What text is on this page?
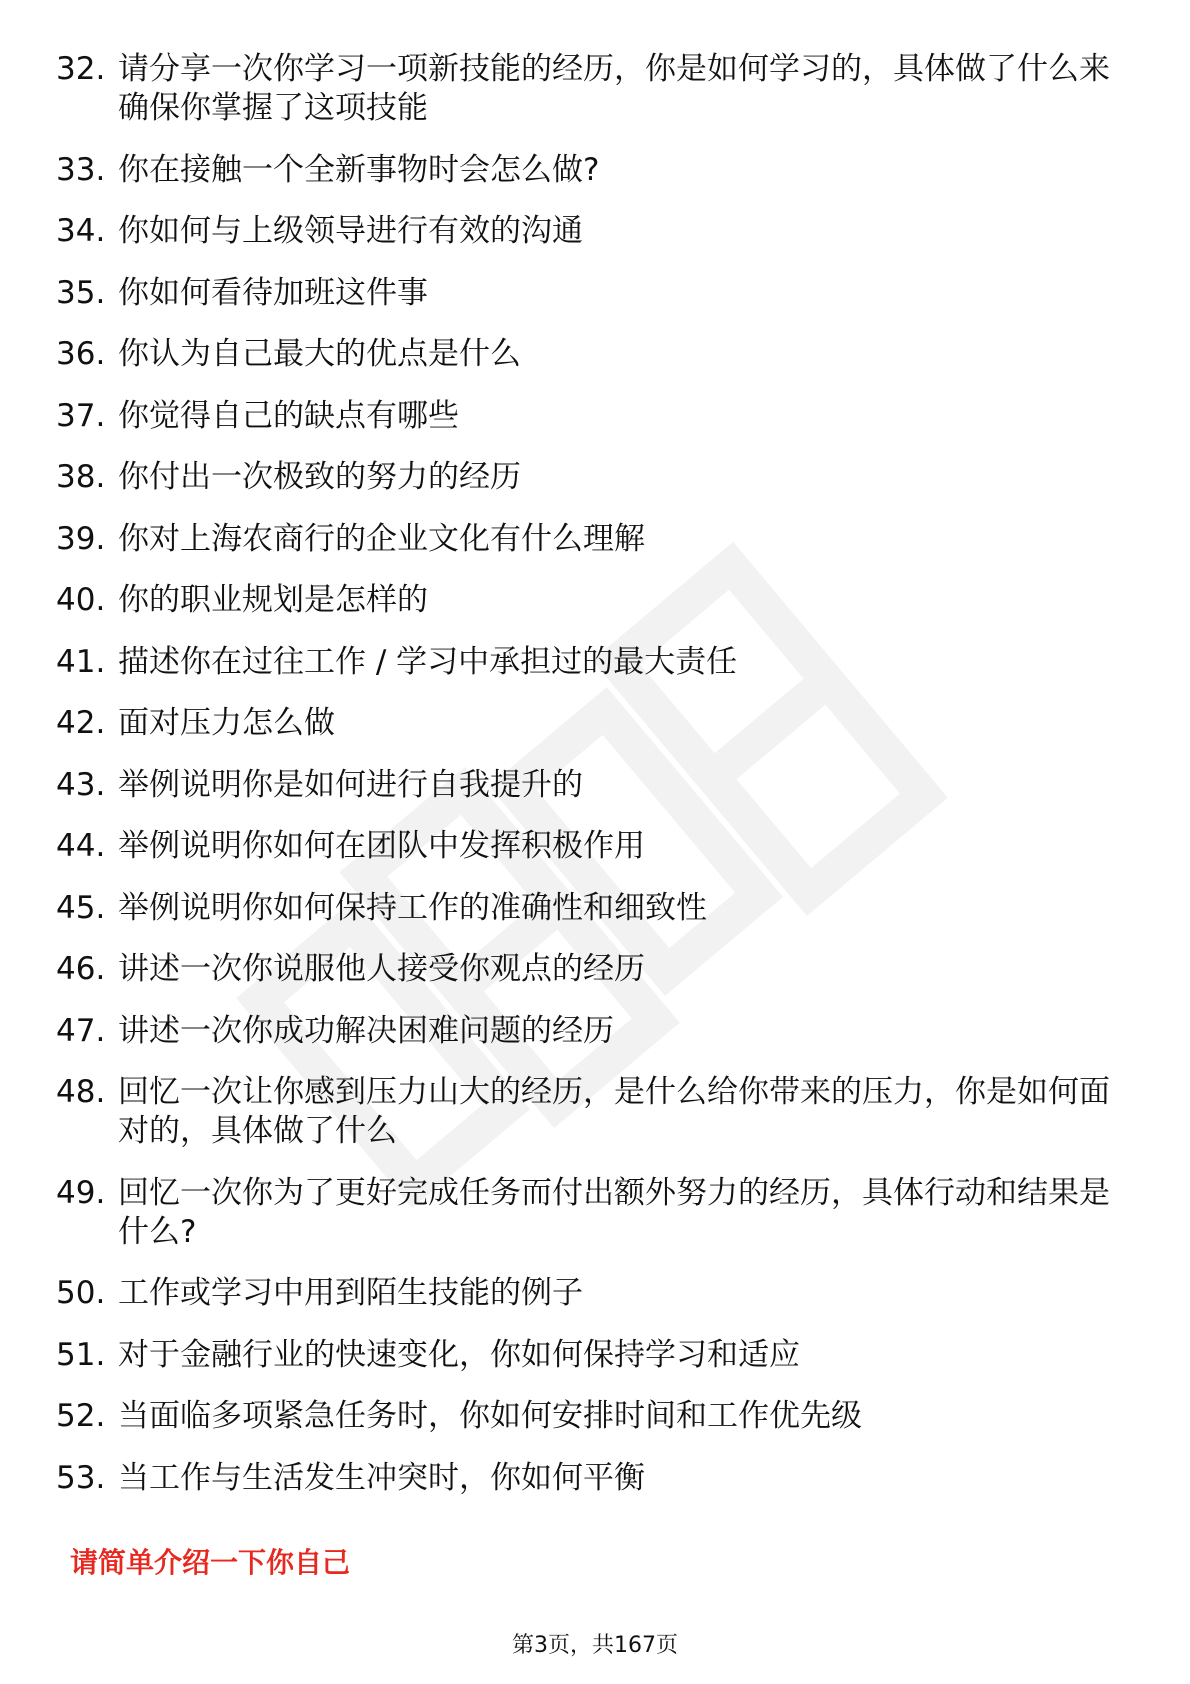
32. 请分享一次你学习一项新技能的经历，你是如何学习的，具体做了什么来确保你掌握了这项技能
33. 你在接触一个全新事物时会怎么做?
34. 你如何与上级领导进行有效的沟通
35. 你如何看待加班这件事
36. 你认为自己最大的优点是什么
37. 你觉得自己的缺点有哪些
38. 你付出一次极致的努力的经历
39. 你对上海农商行的企业文化有什么理解
40. 你的职业规划是怎样的
41. 描述你在过往工作 / 学习中承担过的最大责任
42. 面对压力怎么做
43. 举例说明你是如何进行自我提升的
44. 举例说明你如何在团队中发挥积极作用
45. 举例说明你如何保持工作的准确性和细致性
46. 讲述一次你说服他人接受你观点的经历
47. 讲述一次你成功解决困难问题的经历
48. 回忆一次让你感到压力山大的经历，是什么给你带来的压力，你是如何面对的，具体做了什么
49. 回忆一次你为了更好完成任务而付出额外努力的经历，具体行动和结果是什么?
50. 工作或学习中用到陌生技能的例子
51. 对于金融行业的快速变化，你如何保持学习和适应
52. 当面临多项紧急任务时，你如何安排时间和工作优先级
53. 当工作与生活发生冲突时，你如何平衡
请简单介绍一下你自己
第3页，共167页
